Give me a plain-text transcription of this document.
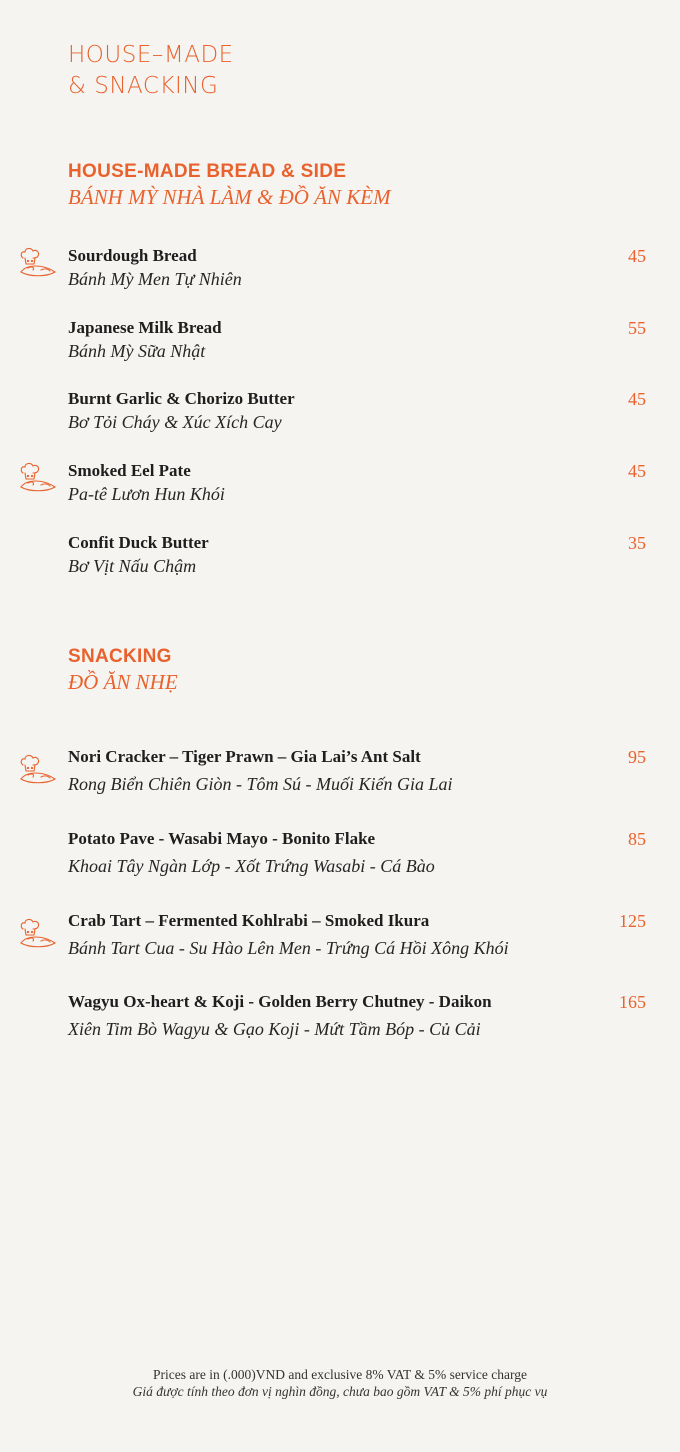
HOUSE–MADE
& SNACKING
HOUSE-MADE BREAD & SIDE
BÁNH MỲ NHÀ LÀM & ĐỒ ĂN KÈM
Sourdough Bread
Bánh Mỳ Men Tự Nhiên
45
Japanese Milk Bread
Bánh Mỳ Sữa Nhật
55
Burnt Garlic & Chorizo Butter
Bơ Tỏi Cháy & Xúc Xích Cay
45
Smoked Eel Pate
Pa-tê Lươn Hun Khói
45
Confit Duck Butter
Bơ Vịt Nấu Chậm
35
SNACKING
ĐỒ ĂN NHẸ
Nori Cracker – Tiger Prawn – Gia Lai’s Ant Salt
Rong Biển Chiên Giòn - Tôm Sú - Muối Kiến Gia Lai
95
Potato Pave - Wasabi Mayo - Bonito Flake
Khoai Tây Ngàn Lớp - Xốt Trứng Wasabi - Cá Bào
85
Crab Tart – Fermented Kohlrabi – Smoked Ikura
Bánh Tart Cua - Su Hào Lên Men - Trứng Cá Hồi Xông Khói
125
Wagyu Ox-heart & Koji - Golden Berry Chutney - Daikon
Xiên Tim Bò Wagyu & Gạo Koji - Mứt Tầm Bóp - Củ Cải
165
Prices are in (.000)VND and exclusive 8% VAT & 5% service charge
Giá được tính theo đơn vị nghìn đồng, chưa bao gồm VAT & 5% phí phục vụ
